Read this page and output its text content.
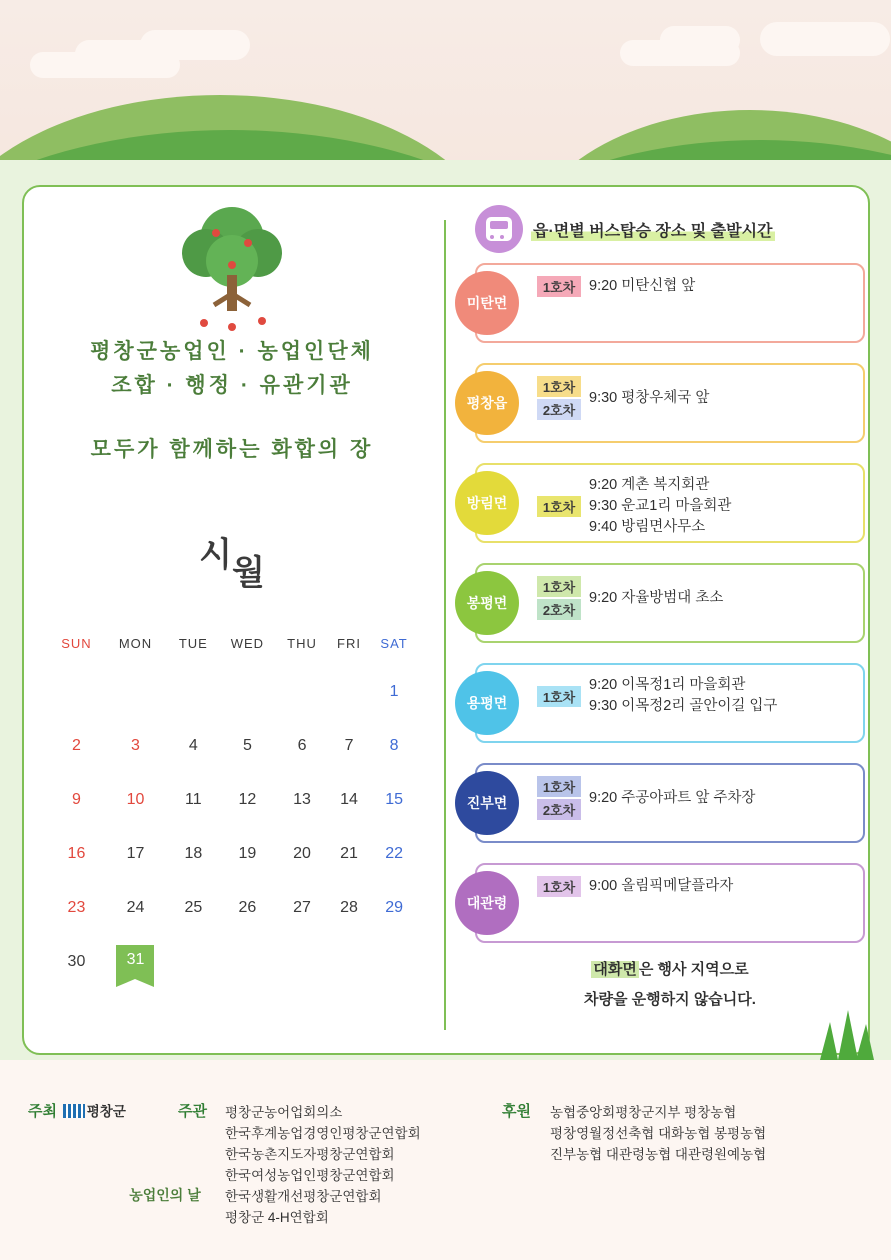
평창군농업인 · 농업인단체
조합 · 행정 · 유관기관
모두가 함께하는 화합의 장
시월
SUN	MON	TUE	WED	THU	FRI	SAT
						1
2	3	4	5	6	7	8
9	10	11	12	13	14	15
16	17	18	19	20	21	22
23	24	25	26	27	28	29
30	31					
농업인의 날
읍·면별 버스탑승 장소 및 출발시간
미탄면
1호차 9:20 미탄신협 앞
평창읍
1호차
2호차
9:30 평창우체국 앞
방림면	1호차
9:20 계촌 복지회관
9:30 운교1리 마을회관
9:40 방림면사무소
봉평면
1호차
2호차
9:20 자율방범대 초소
용평면	1호차
9:20 이목정1리 마을회관
9:30 이목정2리 골안이길 입구
진부면
1호차
2호차
9:20 주공아파트 앞 주차장
대관령
1호차 9:00 올림픽메달플라자
대화면 은 행사 지역으로
차량을 운행하지 않습니다.
주최 평창군	주관 평창군농어업회의소
한국후계농업경영인평창군연합회
한국농촌지도자평창군연합회
한국여성농업인평창군연합회
한국생활개선평창군연합회
평창군 4-H연합회
후원 농협중앙회평창군지부 평창농협
평창영월정선축협 대화농협 봉평농협
진부농협 대관령농협 대관령원예농협
